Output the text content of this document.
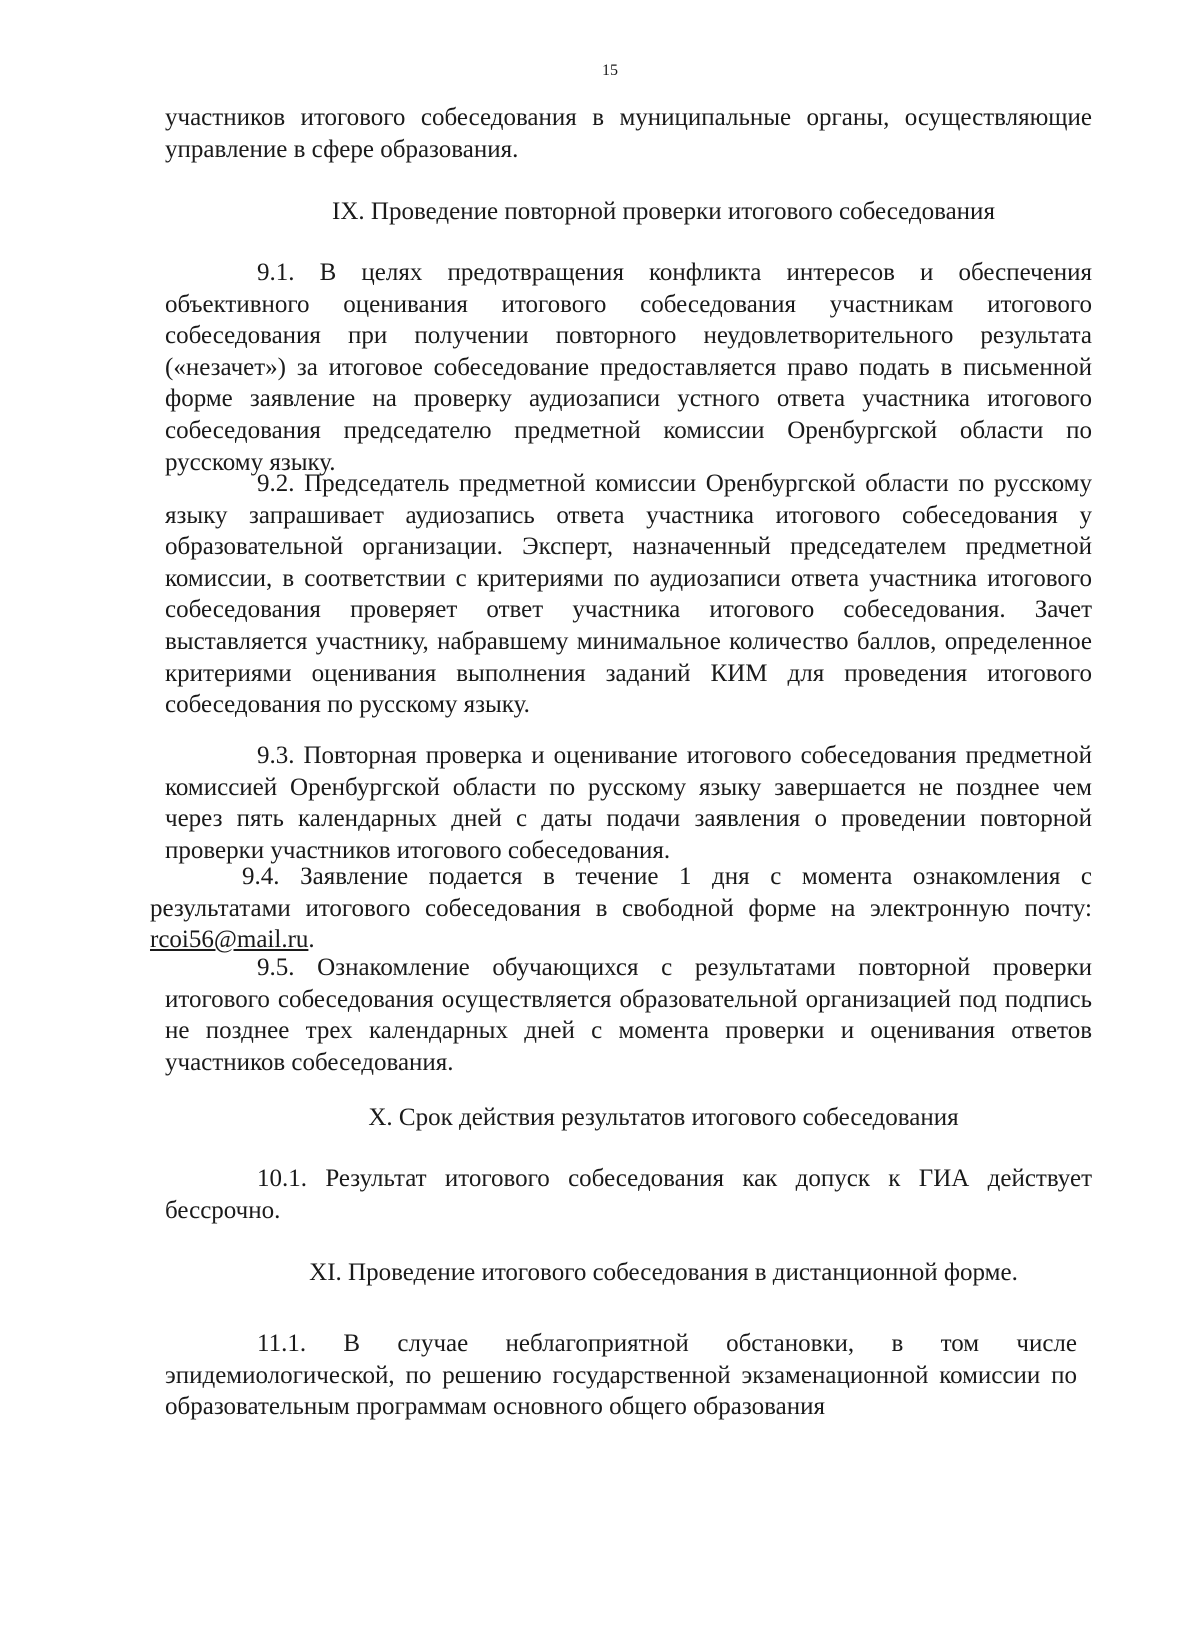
15

участников итогового собеседования в муниципальные органы, осуществляющие управление в сфере образования.

IX. Проведение повторной проверки итогового собеседования

9.1. В целях предотвращения конфликта интересов и обеспечения объективного оценивания итогового собеседования участникам итогового собеседования при получении повторного неудовлетворительного результата («незачет») за итоговое собеседование предоставляется право подать в письменной форме заявление на проверку аудиозаписи устного ответа участника итогового собеседования председателю предметной комиссии Оренбургской области по русскому языку.

9.2. Председатель предметной комиссии Оренбургской области по русскому языку запрашивает аудиозапись ответа участника итогового собеседования у образовательной организации. Эксперт, назначенный председателем предметной комиссии, в соответствии с критериями по аудиозаписи ответа участника итогового собеседования проверяет ответ участника итогового собеседования. Зачет выставляется участнику, набравшему минимальное количество баллов, определенное критериями оценивания выполнения заданий КИМ для проведения итогового собеседования по русскому языку.

9.3. Повторная проверка и оценивание итогового собеседования предметной комиссией Оренбургской области по русскому языку завершается не позднее чем через пять календарных дней с даты подачи заявления о проведении повторной проверки участников итогового собеседования.

9.4. Заявление подается в течение 1 дня с момента ознакомления с результатами итогового собеседования в свободной форме на электронную почту: rcoi56@mail.ru.

9.5. Ознакомление обучающихся с результатами повторной проверки итогового собеседования осуществляется образовательной организацией под подпись не позднее трех календарных дней с момента проверки и оценивания ответов участников собеседования.

X. Срок действия результатов итогового собеседования

10.1. Результат итогового собеседования как допуск к ГИА действует бессрочно.

XI. Проведение итогового собеседования в дистанционной форме.

11.1. В случае неблагоприятной обстановки, в том числе эпидемиологической, по решению государственной экзаменационной комиссии по образовательным программам основного общего образования
